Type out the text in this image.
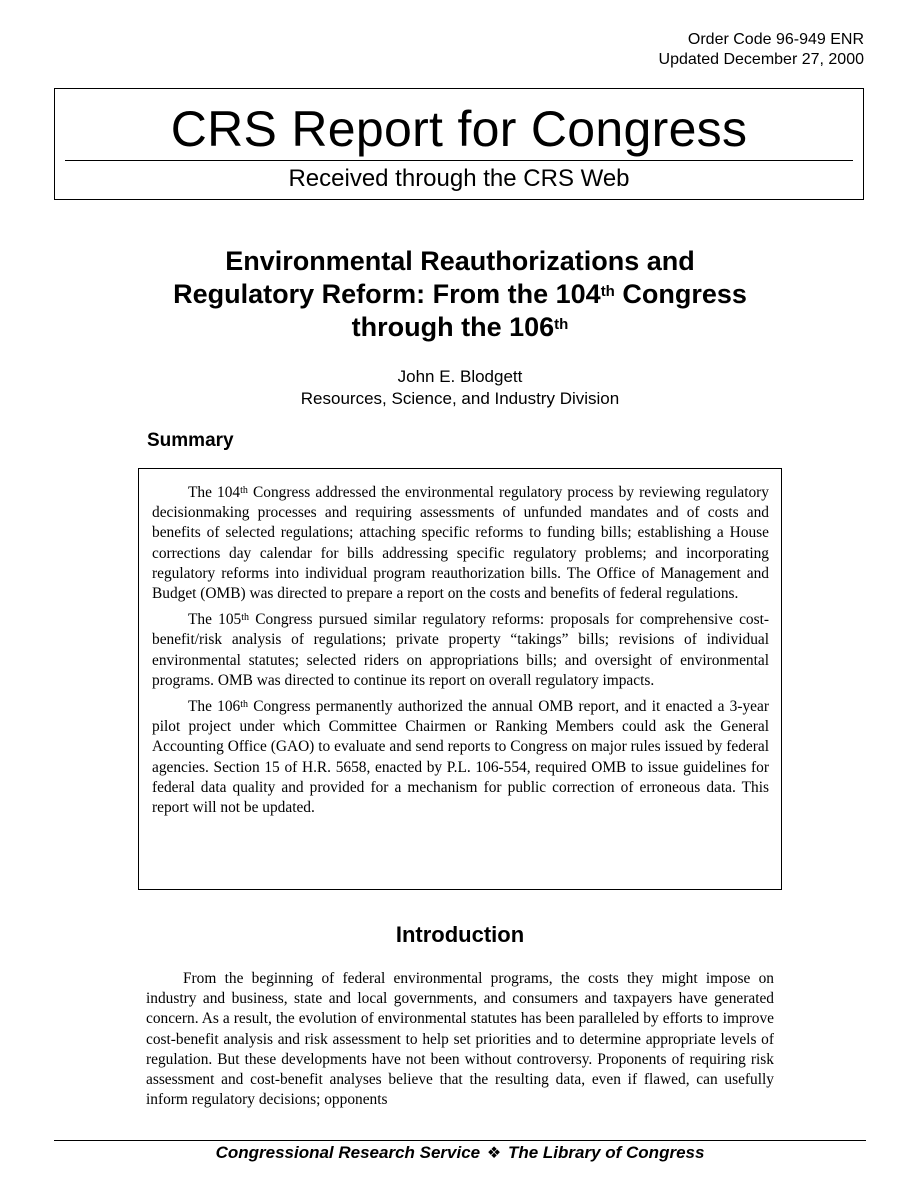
Order Code 96-949 ENR
Updated December 27, 2000
CRS Report for Congress
Received through the CRS Web
Environmental Reauthorizations and
Regulatory Reform: From the 104th Congress
through the 106th
John E. Blodgett
Resources, Science, and Industry Division
Summary

The 104th Congress addressed the environmental regulatory process by reviewing regulatory decisionmaking processes and requiring assessments of unfunded mandates and of costs and benefits of selected regulations; attaching specific reforms to funding bills; establishing a House corrections day calendar for bills addressing specific regulatory problems; and incorporating regulatory reforms into individual program reauthorization bills. The Office of Management and Budget (OMB) was directed to prepare a report on the costs and benefits of federal regulations.

The 105th Congress pursued similar regulatory reforms: proposals for comprehensive cost-benefit/risk analysis of regulations; private property “takings” bills; revisions of individual environmental statutes; selected riders on appropriations bills; and oversight of environmental programs. OMB was directed to continue its report on overall regulatory impacts.

The 106th Congress permanently authorized the annual OMB report, and it enacted a 3-year pilot project under which Committee Chairmen or Ranking Members could ask the General Accounting Office (GAO) to evaluate and send reports to Congress on major rules issued by federal agencies. Section 15 of H.R. 5658, enacted by P.L. 106-554, required OMB to issue guidelines for federal data quality and provided for a mechanism for public correction of erroneous data. This report will not be updated.

Introduction

From the beginning of federal environmental programs, the costs they might impose on industry and business, state and local governments, and consumers and taxpayers have generated concern. As a result, the evolution of environmental statutes has been paralleled by efforts to improve cost-benefit analysis and risk assessment to help set priorities and to determine appropriate levels of regulation. But these developments have not been without controversy. Proponents of requiring risk assessment and cost-benefit analyses believe that the resulting data, even if flawed, can usefully inform regulatory decisions; opponents

Congressional Research Service ❖ The Library of Congress
